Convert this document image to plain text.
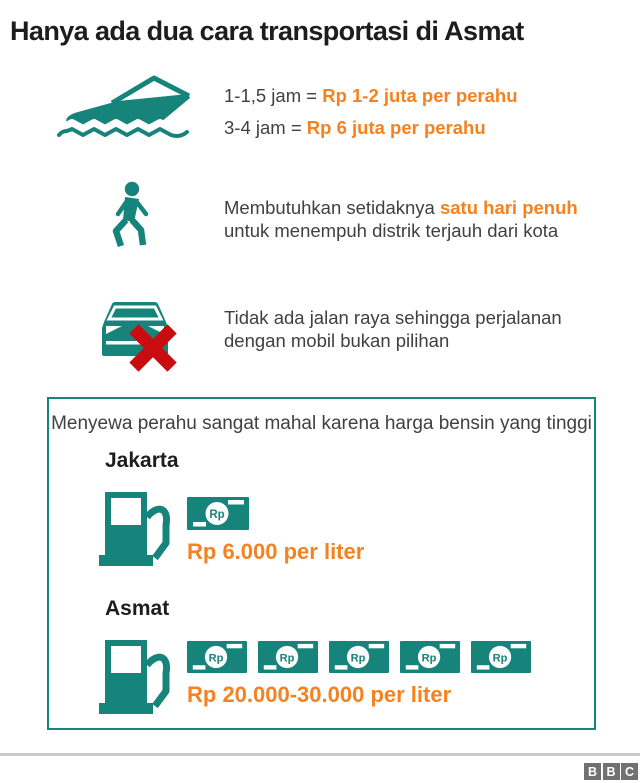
Hanya ada dua cara transportasi di Asmat

1-1,5 jam = Rp 1-2 juta per perahu

3-4 jam = Rp 6 juta per perahu

Membutuhkan setidaknya satu hari penuh untuk menempuh distrik terjauh dari kota

Tidak ada jalan raya sehingga perjalanan dengan mobil bukan pilihan

Menyewa perahu sangat mahal karena harga bensin yang tinggi

Jakarta

Rp

Rp 6.000 per liter

Asmat

Rp	Rp	Rp	Rp	Rp

Rp 20.000-30.000 per liter

B B C
